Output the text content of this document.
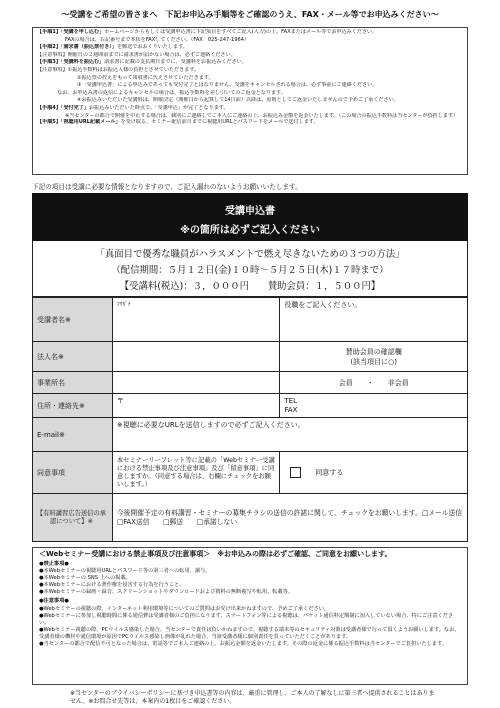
～受講をご希望の皆さまへ　下記お申込み手順等をご確認のうえ、FAX・メール等でお申込みください～
【手順1】「受講を申し込む」ホームページからもしくは受講申込書に下記項目をすべてご記入(入力)の上、FAXまたはメール等でお申込みください。
FAXの場合は、右記番号まで本状をFAXしてください。（FAX　025-247-1964）
【手順2】「請求書（振込票付き）」を郵送でおおくりいたします。
【注意事項】開催日の２週間前までに請求書が届かない場合は、必ずご連絡ください。
【手順3】「受講料を振込む」請求書に記載の支払期日までに、受講料をお振込みください。
【注意事項】①振込手数料はお振込人様の負担とさせていただきます。
②振込票の控えをもって領収書に代えさせていただきます。
③「受講申込書」による申込みであっても受付完了とはなりません。受講をキャンセルされる場合は、必ず事前にご連絡ください。
なお、お申込み書の返信によるキャンセルの場合は、振込手数料を差し引いてのご返金となります。
④お振込みいただいた受講料は、開催決定（開催日から起算して14日前）以降は、原則としてご返金いたしませんので予めご了承ください。
【手順4】「受付完了」お振込みいただいた時点で、「受講申込」が完了となります。
※当センターの都合で開催を中止する場合は、個別にご連絡してご本人にご連絡の上、お振込み金額を返金いたします。（この場合の振込手数料は当センターが負担します）
【手順5】「視聴用URL記載メール」を受け取る。セミナー配信前日までに視聴用URLとパスワードをメールで送付します。
下記の項目は受講に必要な情報となりますので、ご記入漏れのないようお願いいたします。
受講申込書
※の箇所は必ずご記入ください
「真面目で優秀な職員がハラスメントで燃え尽きないための３つの方法」
（配信期間：５月１２日(金)１０時～５月２５日(木)１７時まで）
【受講料(税込)：３，０００円　　賛助会員：１，５００円】
受講者名※	ﾌﾘｶﾞﾅ	役職をご記入ください。
法人名※		賛助会員の確認欄
(該当項目に○)

事業所名		会員　　 ・　　 非会員
住所・連絡先※	〒	TEL
FAX

E-mail※	※視聴に必要なURLを送信しますので必ずご記入ください。	
同意事項	本セミナーリーフレット等に記載の「Webセミナー受講における禁止事項及び注意事項」及び「留意事項」に同意しますか。（同意する場合は、右欄にチェックをお願いします。）	　　同意する
【有料講習広告送信の承認について】※	今後開催予定の有料講習・セミナーの募集チラシの送信の許諾に関して、チェックをお願いします。□メール送信　　□FAX送信　　□郵送　　□承諾しない	
＜Webセミナー受講における禁止事項及び注意事項＞　※お申込みの際は必ずご確認、ご同意をお願いします。
●禁止事項●
●本Webセミナーの視聴用URLとパスワード等の第三者への転用、譲与。
●本Webセミナーの SNS 上への掲載。
●本Webセミナーにおける著作権を侵害する行為を行うこと。
●本Webセミナーの録画・録音、スクリーンショットやダウンロードおよび資料の無断複写や転用、転載等。
●注意事項●
●Webセミナーの視聴の際、インターネット利用環境等についてのご質問はお受け出来かねますので、予めご了承ください。
●Webセミナーに参加し視聴時間に係る通信費は受講者様のご負担になります。スマートフォン等による視聴は、パケット通信料定額制に加入していない場合、特にご注意ください。
●Webセミナー視聴の際、PCウイルス感染した場合、当センターで責任は負いかねますので、視聴する端末等のセキュリティ対策は受講者様で行って頂くようお願いします。なお、受講者様の機材や通信環境が原因でPCウイルス感染し画像が乱れた場合、当該受講者様に個別責任を負っていただくことがあります。
●当センターの都合で配信不可となった場合は、電話等でご本人ご連絡の上、お振込金額を返金いたします。その際の返金に係る振込手数料は当センターでご負担いたします。
※当センターのプライバシーポリシーに基づき申込書等の内容は、厳重に管理し、ご本人の了解なしに第三者へ提供されることはありません。※お問合せ先等は、本案内の1枚目をご確認ください。
